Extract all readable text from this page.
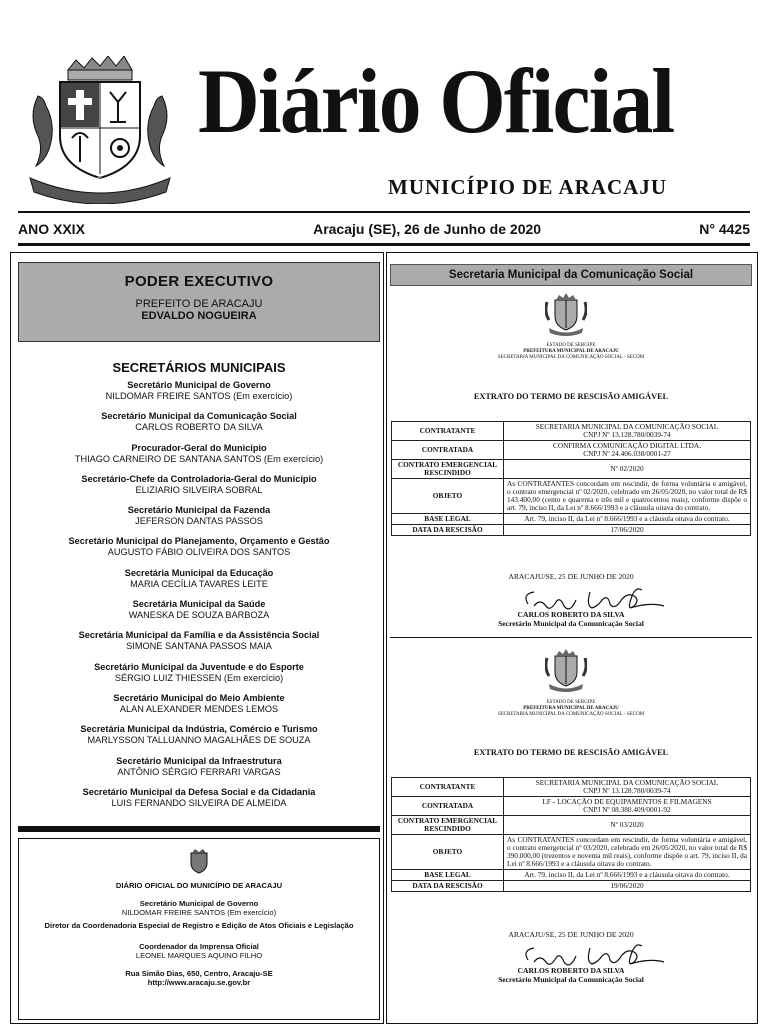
PAX ET LABOR
Diário Oficial
MUNICÍPIO DE ARACAJU
ANO XXIX	Aracaju (SE), 26 de Junho de 2020	N° 4425
PODER EXECUTIVO
PREFEITO DE ARACAJU
EDVALDO NOGUEIRA
SECRETÁRIOS MUNICIPAIS
Secretário Municipal de Governo
NILDOMAR FREIRE SANTOS (Em exercício)
Secretário Municipal da Comunicação Social
CARLOS ROBERTO DA SILVA
Procurador-Geral do Município
THIAGO CARNEIRO DE SANTANA SANTOS (Em exercício)
Secretário-Chefe da Controladoria-Geral do Município
ELIZIARIO SILVEIRA SOBRAL
Secretário Municipal da Fazenda
JEFERSON DANTAS PASSOS
Secretário Municipal do Planejamento, Orçamento e Gestão
AUGUSTO FÁBIO OLIVEIRA DOS SANTOS
Secretária Municipal da Educação
MARIA CECÍLIA TAVARES LEITE
Secretária Municipal da Saúde
WANESKA DE SOUZA BARBOZA
Secretária Municipal da Família e da Assistência Social
SIMONE SANTANA PASSOS MAIA
Secretário Municipal da Juventude e do Esporte
SÉRGIO LUIZ THIESSEN (Em exercício)
Secretário Municipal do Meio Ambiente
ALAN ALEXANDER MENDES LEMOS
Secretária Municipal da Indústria, Comércio e Turismo
MARLYSSON TALLUANNO MAGALHÃES DE SOUZA
Secretário Municipal da Infraestrutura
ANTÔNIO SÉRGIO FERRARI VARGAS
Secretário Municipal da Defesa Social e da Cidadania
LUIS FERNANDO SILVEIRA DE ALMEIDA
DIÁRIO OFICIAL DO MUNICÍPIO DE ARACAJU
Secretário Municipal de Governo
NILDOMAR FREIRE SANTOS (Em exercício)
Diretor da Coordenadoria Especial de Registro e Edição de Atos Oficiais e Legislação
Coordenador da Imprensa Oficial
LEONEL MARQUES AQUINO FILHO
Rua Simão Dias, 650, Centro, Aracaju-SE
http://www.aracaju.se.gov.br
Secretaria Municipal da Comunicação Social
ESTADO DE SERGIPE
PREFEITURA MUNICIPAL DE ARACAJU
SECRETARIA MUNICIPAL DA COMUNICAÇÃO SOCIAL - SECOM
EXTRATO DO TERMO DE RESCISÃO AMIGÁVEL
CONTRATANTE	SECRETARIA MUNICIPAL DA COMUNICAÇÃO SOCIAL
CNPJ Nº 13.128.780/0039-74

CONTRATADA	CONFIRMA COMUNICAÇÃO DIGITAL LTDA.
CNPJ Nº 24.406.038/0001-27

CONTRATO EMERGENCIAL RESCINDIDO	Nº 02/2020
OBJETO	As CONTRATANTES concordam em rescindir, de forma voluntária e amigável, o contrato emergencial nº 02/2020, celebrado em 26/05/2020, no valor total de R$ 143.400,00 (cento e quarenta e três mil e quatrocentos reais), conforme dispõe o art. 79, inciso II, da Lei nº 8.666/1993 e a cláusula oitava do contrato.
BASE LEGAL	Art. 79, inciso II, da Lei nº 8.666/1993 e a cláusula oitava do contrato.
DATA DA RESCISÃO	17/06/2020
ARACAJU/SE, 25 DE JUNHO DE 2020
CARLOS ROBERTO DA SILVA
Secretário Municipal da Comunicação Social
ESTADO DE SERGIPE
PREFEITURA MUNICIPAL DE ARACAJU
SECRETARIA MUNICIPAL DA COMUNICAÇÃO SOCIAL - SECOM
EXTRATO DO TERMO DE RESCISÃO AMIGÁVEL
CONTRATANTE	SECRETARIA MUNICIPAL DA COMUNICAÇÃO SOCIAL
CNPJ Nº 13.128.780/0039-74

CONTRATADA	LF - LOCAÇÃO DE EQUIPAMENTOS E FILMAGENS
CNPJ Nº 08.380.409/0001-92

CONTRATO EMERGENCIAL RESCINDIDO	Nº 03/2020
OBJETO	As CONTRATANTES concordam em rescindir, de forma voluntária e amigável, o contrato emergencial nº 03/2020, celebrado em 26/05/2020, no valor total de R$ 390.000,00 (trezentos e noventa mil reais), conforme dispõe o art. 79, inciso II, da Lei nº 8.666/1993 e a cláusula oitava do contrato.
BASE LEGAL	Art. 79, inciso II, da Lei nº 8.666/1993 e a cláusula oitava do contrato.
DATA DA RESCISÃO	19/06/2020
ARACAJU/SE, 25 DE JUNHO DE 2020
CARLOS ROBERTO DA SILVA
Secretário Municipal da Comunicação Social
